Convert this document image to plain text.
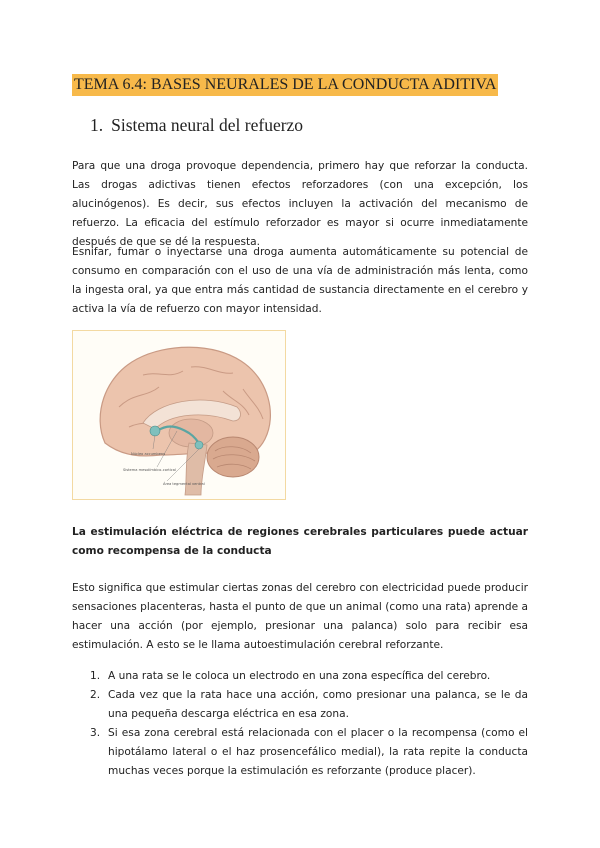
TEMA 6.4: BASES NEURALES DE LA CONDUCTA ADITIVA
1. Sistema neural del refuerzo
Para que una droga provoque dependencia, primero hay que reforzar la conducta. Las drogas adictivas tienen efectos reforzadores (con una excepción, los alucinógenos). Es decir, sus efectos incluyen la activación del mecanismo de refuerzo. La eficacia del estímulo reforzador es mayor si ocurre inmediatamente después de que se dé la respuesta.
Esnifar, fumar o inyectarse una droga aumenta automáticamente su potencial de consumo en comparación con el uso de una vía de administración más lenta, como la ingesta oral, ya que entra más cantidad de sustancia directamente en el cerebro y activa la vía de refuerzo con mayor intensidad.
Núcleo accumbens
Sistema mesolímbico-cortical
Área tegmental ventral
La estimulación eléctrica de regiones cerebrales particulares puede actuar como recompensa de la conducta
Esto significa que estimular ciertas zonas del cerebro con electricidad puede producir sensaciones placenteras, hasta el punto de que un animal (como una rata) aprende a hacer una acción (por ejemplo, presionar una palanca) solo para recibir esa estimulación. A esto se le llama autoestimulación cerebral reforzante.
1. A una rata se le coloca un electrodo en una zona específica del cerebro.
2. Cada vez que la rata hace una acción, como presionar una palanca, se le da una pequeña descarga eléctrica en esa zona.
3. Si esa zona cerebral está relacionada con el placer o la recompensa (como el hipotálamo lateral o el haz prosencefálico medial), la rata repite la conducta muchas veces porque la estimulación es reforzante (produce placer).
